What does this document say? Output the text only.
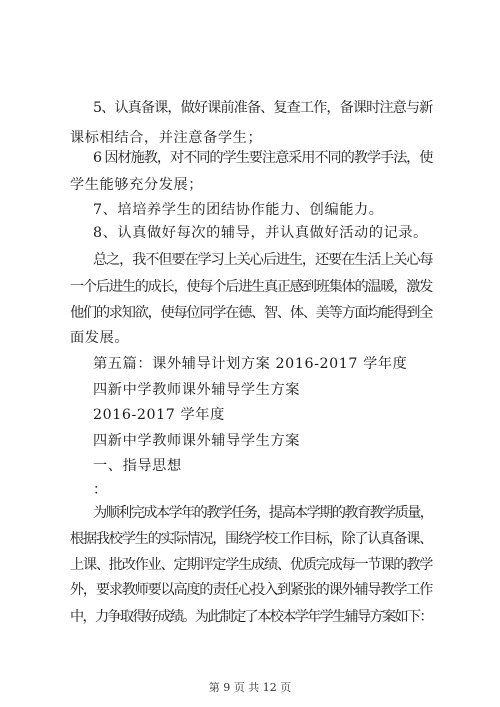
5、认真备课，做好课前准备、复查工作，备课时注意与新
课标相结合，并注意备学生；
6 因材施教，对不同的学生要注意采用不同的教学手法，使
学生能够充分发展；
7、培培养学生的团结协作能力、创编能力。
8、认真做好每次的辅导，并认真做好活动的记录。
总之，我不但要在学习上关心后进生，还要在生活上关心每
一个后进生的成长，使每个后进生真正感到班集体的温暖，激发
他们的求知欲，使每位同学在德、智、体、美等方面均能得到全
面发展。
第五篇：课外辅导计划方案 2016-2017 学年度
四新中学教师课外辅导学生方案
2016-2017 学年度
四新中学教师课外辅导学生方案
一、指导思想
：
为顺利完成本学年的教学任务，提高本学期的教育教学质量，
根据我校学生的实际情况，围绕学校工作目标，除了认真备课、
上课、批改作业、定期评定学生成绩、优质完成每一节课的教学
外，要求教师要以高度的责任心投入到紧张的课外辅导教学工作
中，力争取得好成绩。为此制定了本校本学年学生辅导方案如下：
第 9 页 共 12 页
